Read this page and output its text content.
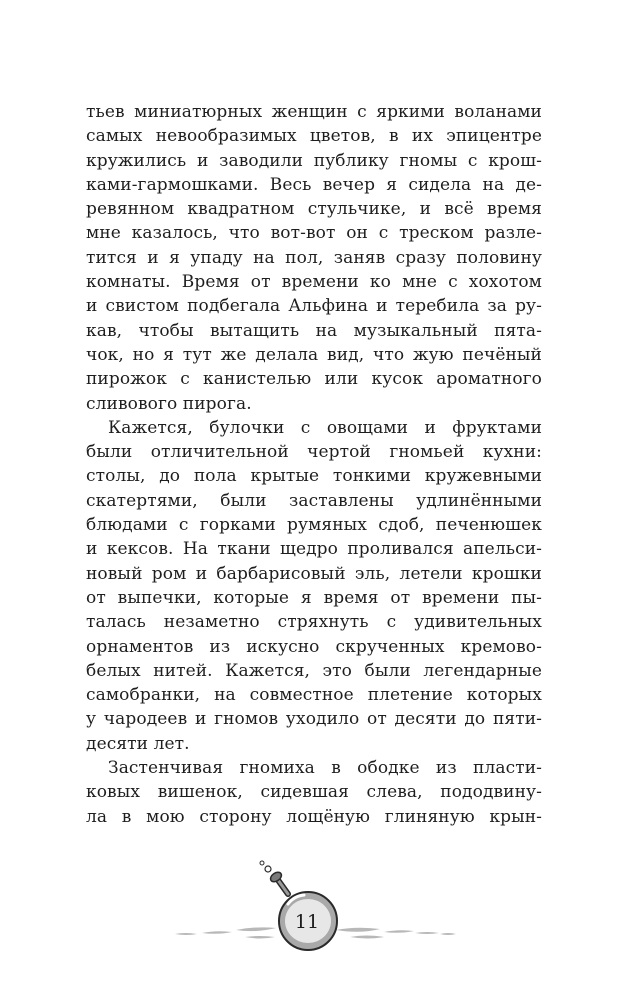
тьев миниатюрных женщин с яркими воланами
самых невообразимых цветов, в их эпицентре
кружились и заводили публику гномы с крош-
ками-гармошками. Весь вечер я сидела на де-
ревянном квадратном стульчике, и всё время
мне казалось, что вот-вот он с треском разле-
тится и я упаду на пол, заняв сразу половину
комнаты. Время от времени ко мне с хохотом
и свистом подбегала Альфина и теребила за ру-
кав, чтобы вытащить на музыкальный пята-
чок, но я тут же делала вид, что жую печёный
пирожок с канистелью или кусок ароматного
сливового пирога.

Кажется, булочки с овощами и фруктами
были отличительной чертой гномьей кухни:
столы, до пола крытые тонкими кружевными
скатертями, были заставлены удлинёнными
блюдами с горками румяных сдоб, печенюшек
и кексов. На ткани щедро проливался апельси-
новый ром и барбарисовый эль, летели крошки
от выпечки, которые я время от времени пы-
талась незаметно стряхнуть с удивительных
орнаментов из искусно скрученных кремово-
белых нитей. Кажется, это были легендарные
самобранки, на совместное плетение которых
у чародеев и гномов уходило от десяти до пяти-
десяти лет.

Застенчивая гномиха в ободке из пласти-
ковых вишенок, сидевшая слева, пододвину-
ла в мою сторону лощёную глиняную крын-

11
